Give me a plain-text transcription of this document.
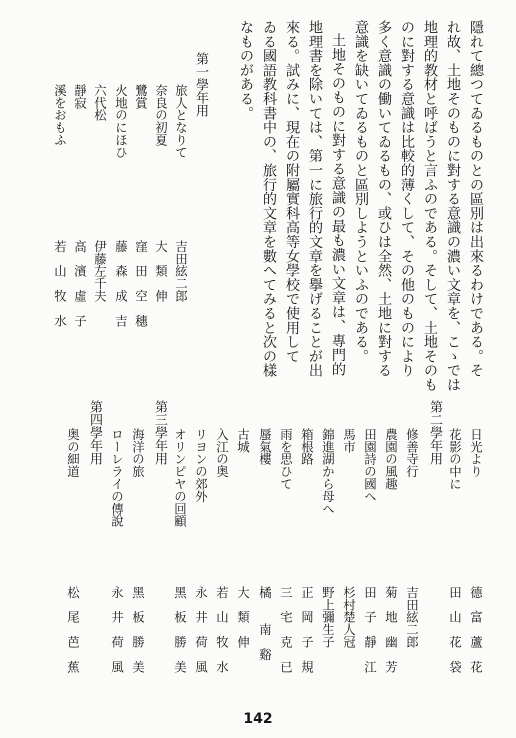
隱れて總つてゐるものとの區別は出來るわけである。そ
れ故、土地そのものに對する意識の濃い文章を、こゝでは
地理的教材と呼ばうと言ふのである。そして、土地そのも
のに對する意識は比較的薄くして、その他のものにより
多く意識の働いてゐるもの、或ひは全然、土地に對する
意識を缺いてゐるものと區別しようといふのである。
土地そのものに對する意識の最も濃い文章は、專門的
地理書を除いては、第一に旅行的文章を擧げることが出
來る。試みに、現在の附屬實科高等女學校で使用して
ゐる國語教科書中の、旅行的文章を數へてみると次の樣
なものがある。
第一學年用
旅人となりて
吉田絃二郎
奈良の初夏
大　類　伸
鷺賞
窪　田　空　穗
火地のにほひ
藤　森　成　吉
六代松
伊藤左千夫
靜寂
高　濱　虛　子
溪をおもふ
若　山　牧　水
日光より
德　富　蘆　花
花影の中に
田　山　花　袋
第二學年用
修善寺行
吉田絃二郎
農園の風趣
菊　地　幽　芳
田園詩の國へ
田　子　靜　江
馬市
杉村楚人冠
錦進湖から母へ
野上彌生子
箱根路
正　岡　子　規
雨を思ひて
三　宅　克　已
蜃氣樓
橘　　南　谿
古城
大　類　伸
入江の奥
若　山　牧　水
リヨンの郊外
永　井　荷　風
オリンピヤの回顧
黑　板　勝　美
第三學年用
海洋の旅
黑　板　勝　美
ローレライの傳說
永　井　荷　風
第四學年用
奥の細道
松　尾　芭　蕉
142
